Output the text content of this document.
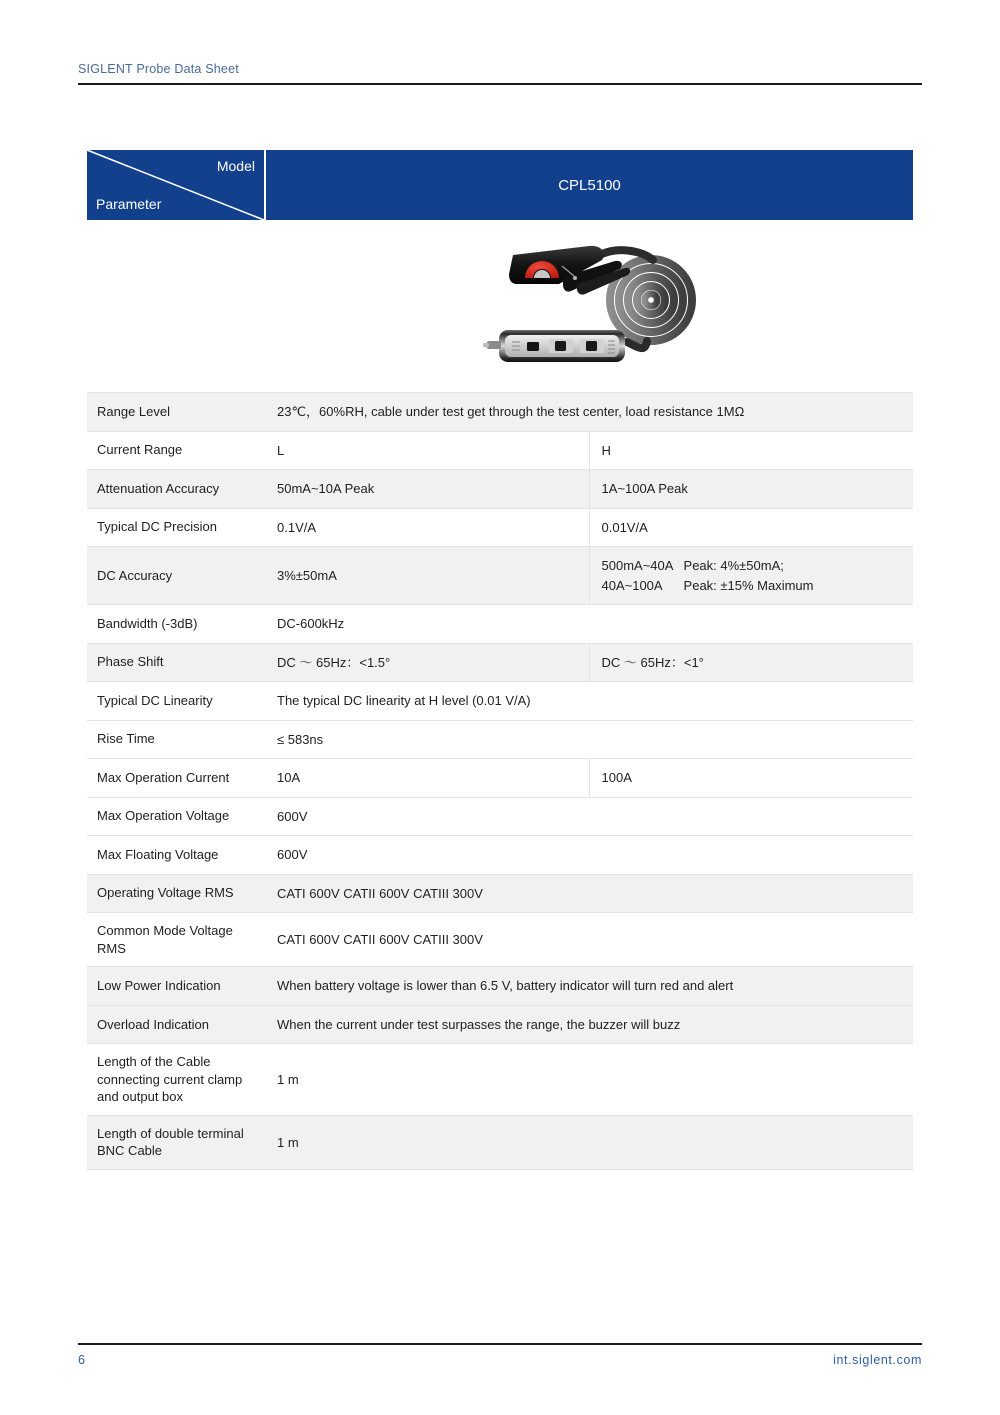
SIGLENT Probe Data Sheet
Model
Parameter	CPL5100	

Range Level	23℃，60%RH, cable under test get through the test center, load resistance 1MΩ	
Current Range	L	H
Attenuation Accuracy	50mA~10A Peak	1A~100A Peak
Typical DC Precision	0.1V/A	0.01V/A
DC Accuracy	3%±50mA	500mA~40A   Peak: 4%±50mA;
40A~100A      Peak: ±15% Maximum

Bandwidth (-3dB)	DC-600kHz	
Phase Shift	DC ～ 65Hz：<1.5°	DC ～ 65Hz：<1°
Typical DC Linearity	The typical DC linearity at H level (0.01 V/A)	
Rise Time	≤ 583ns	
Max Operation Current	10A	100A
Max Operation Voltage	600V	
Max Floating Voltage	600V	
Operating Voltage RMS	CATI 600V CATII 600V CATIII 300V	
Common Mode Voltage RMS	CATI 600V CATII 600V CATIII 300V	
Low Power Indication	When battery voltage is lower than 6.5 V, battery indicator will turn red and alert	
Overload Indication	When the current under test surpasses the range, the buzzer will buzz	
Length of the Cable connecting current clamp and output box	1 m	
Length of double terminal BNC Cable	1 m	
6	int.siglent.com
